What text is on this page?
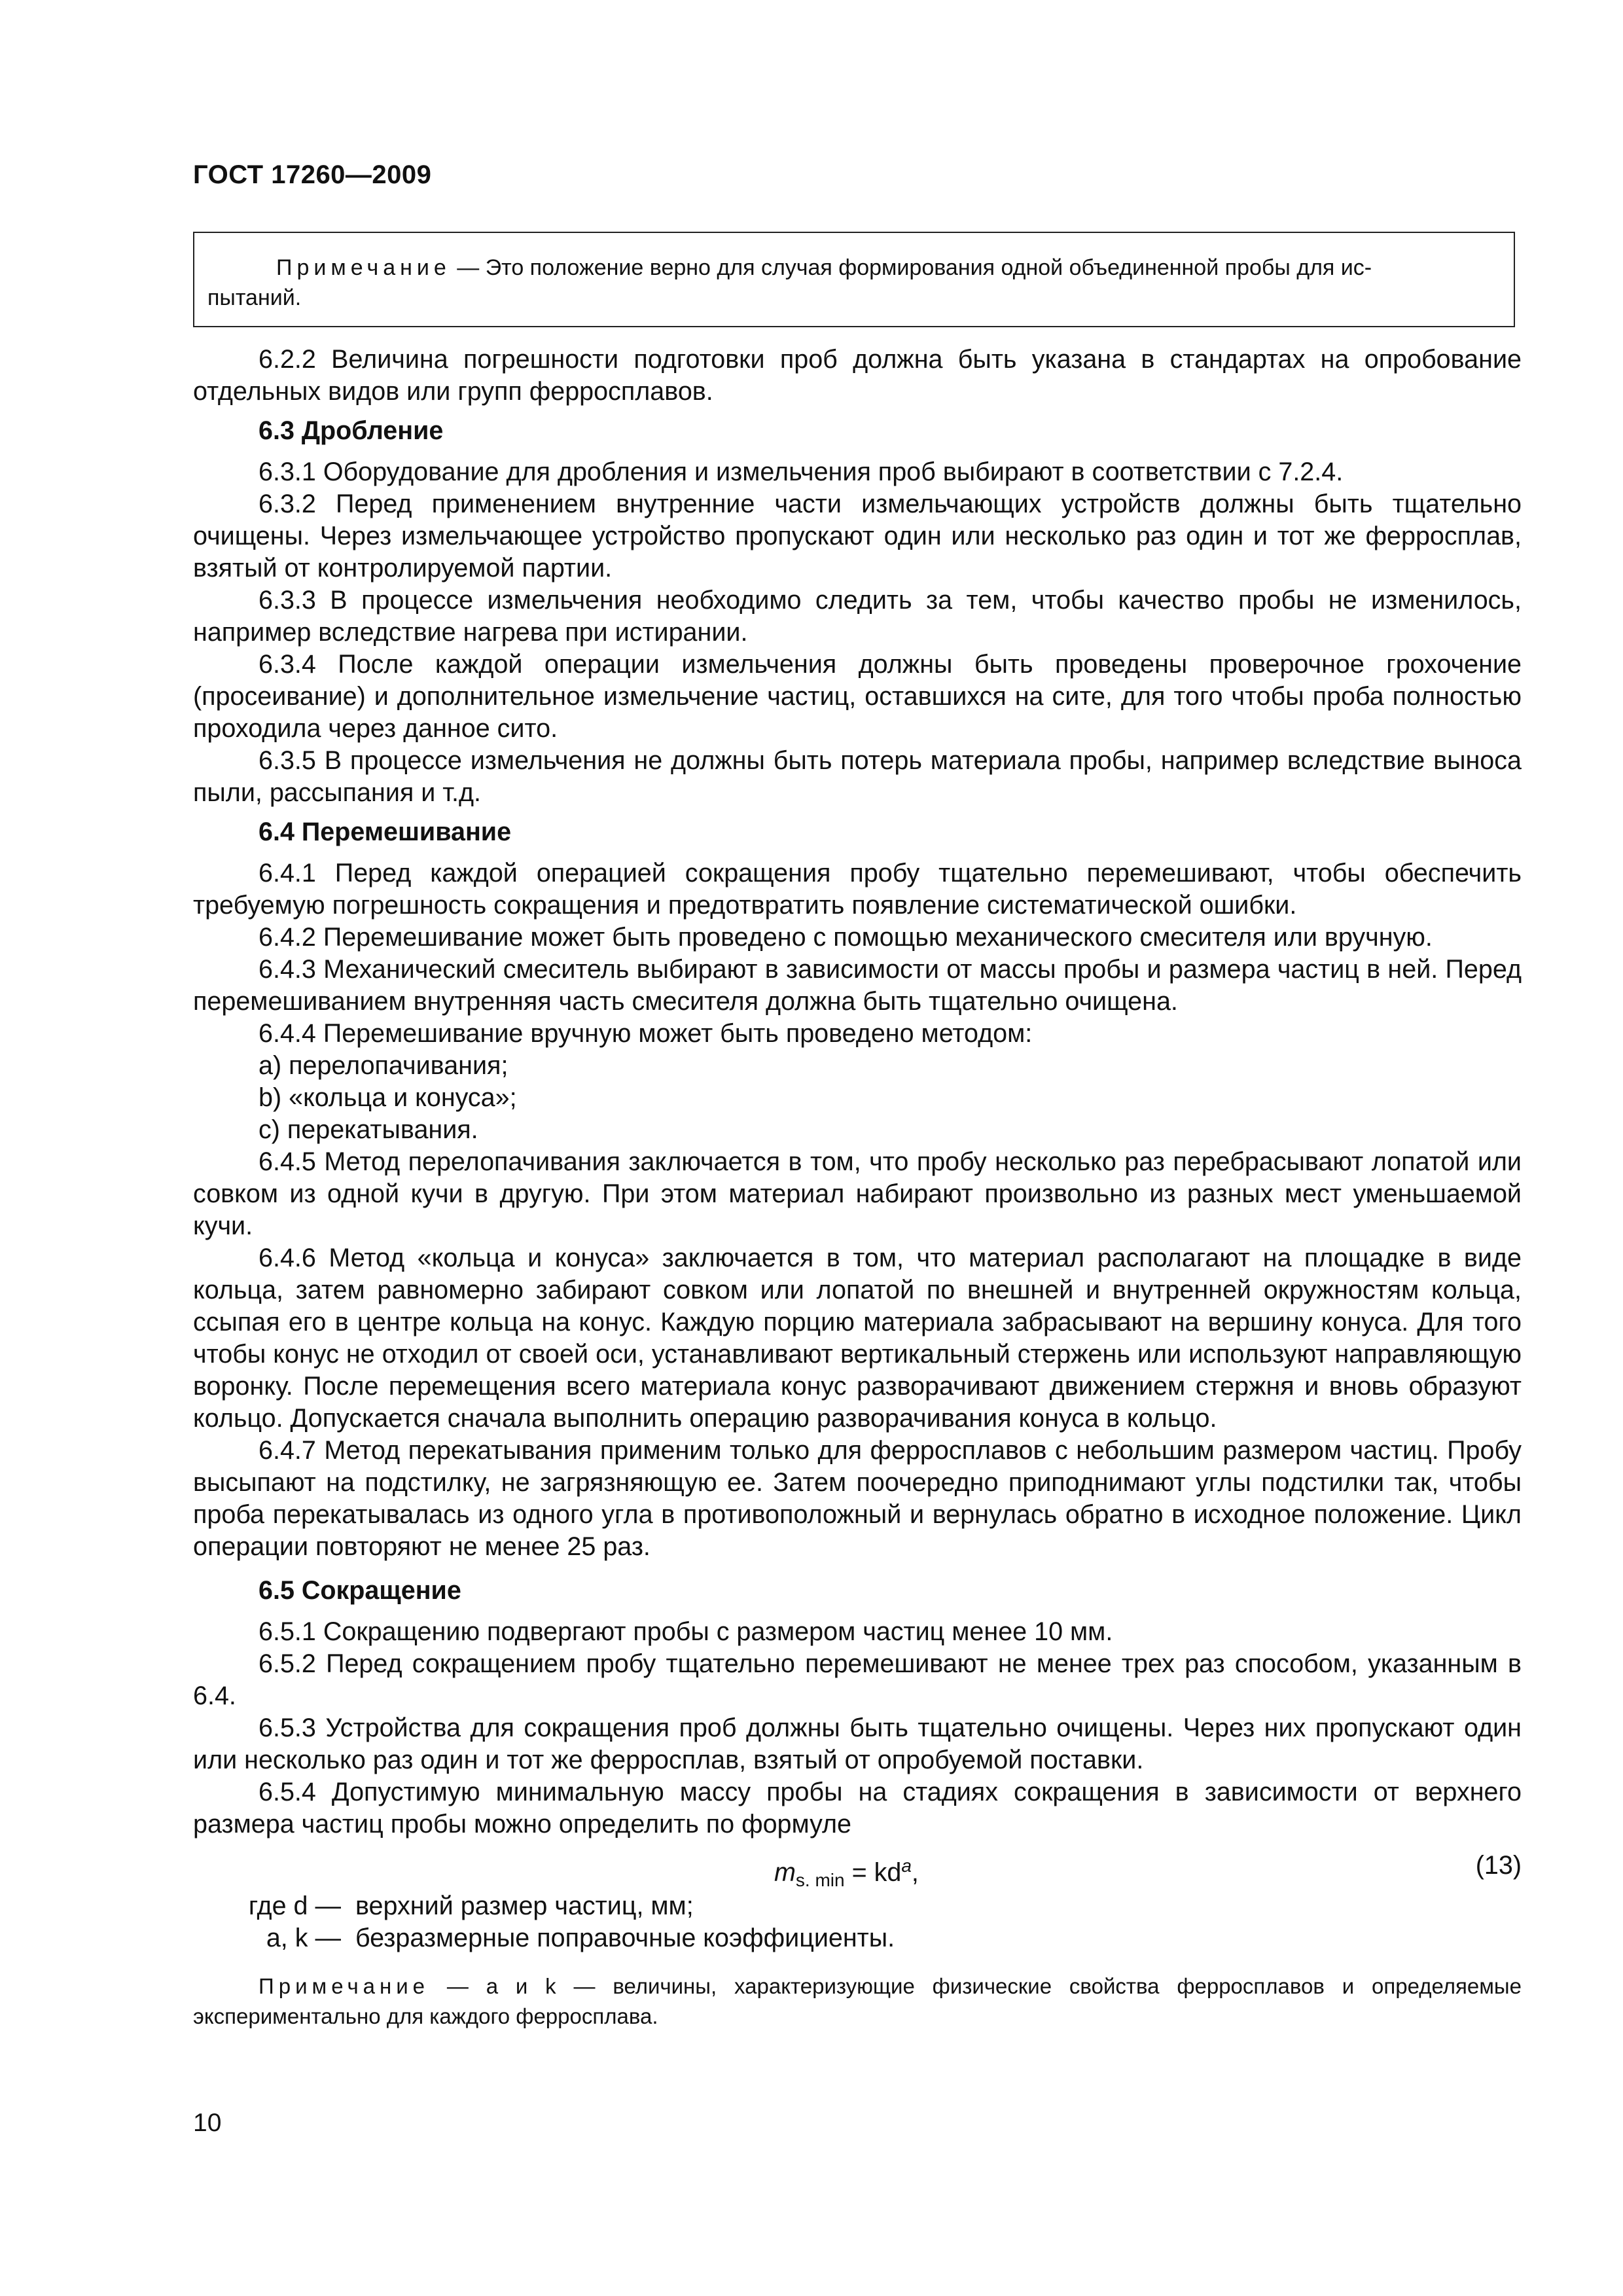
ГОСТ 17260—2009
Примечание — Это положение верно для случая формирования одной объединенной пробы для ис-
пытаний.

6.2.2 Величина погрешности подготовки проб должна быть указана в стандартах на опробование отдельных видов или групп ферросплавов.

6.3 Дробление

6.3.1 Оборудование для дробления и измельчения проб выбирают в соответствии с 7.2.4.

6.3.2 Перед применением внутренние части измельчающих устройств должны быть тщательно очищены. Через измельчающее устройство пропускают один или несколько раз один и тот же ферросплав, взятый от контролируемой партии.

6.3.3 В процессе измельчения необходимо следить за тем, чтобы качество пробы не изменилось, например вследствие нагрева при истирании.

6.3.4 После каждой операции измельчения должны быть проведены проверочное грохочение (просеивание) и дополнительное измельчение частиц, оставшихся на сите, для того чтобы проба полностью проходила через данное сито.

6.3.5 В процессе измельчения не должны быть потерь материала пробы, например вследствие выноса пыли, рассыпания и т.д.

6.4 Перемешивание

6.4.1 Перед каждой операцией сокращения пробу тщательно перемешивают, чтобы обеспечить требуемую погрешность сокращения и предотвратить появление систематической ошибки.

6.4.2 Перемешивание может быть проведено с помощью механического смесителя или вручную.

6.4.3 Механический смеситель выбирают в зависимости от массы пробы и размера частиц в ней. Перед перемешиванием внутренняя часть смесителя должна быть тщательно очищена.

6.4.4 Перемешивание вручную может быть проведено методом:

a) перелопачивания;
b) «кольца и конуса»;
c) перекатывания.

6.4.5 Метод перелопачивания заключается в том, что пробу несколько раз перебрасывают лопатой или совком из одной кучи в другую. При этом материал набирают произвольно из разных мест уменьшаемой кучи.

6.4.6 Метод «кольца и конуса» заключается в том, что материал располагают на площадке в виде кольца, затем равномерно забирают совком или лопатой по внешней и внутренней окружностям кольца, ссыпая его в центре кольца на конус. Каждую порцию материала забрасывают на вершину конуса. Для того чтобы конус не отходил от своей оси, устанавливают вертикальный стержень или используют направляющую воронку. После перемещения всего материала конус разворачивают движением стержня и вновь образуют кольцо. Допускается сначала выполнить операцию разворачивания конуса в кольцо.

6.4.7 Метод перекатывания применим только для ферросплавов с небольшим размером частиц. Пробу высыпают на подстилку, не загрязняющую ее. Затем поочередно приподнимают углы подстилки так, чтобы проба перекатывалась из одного угла в противоположный и вернулась обратно в исходное положение. Цикл операции повторяют не менее 25 раз.

6.5 Сокращение

6.5.1 Сокращению подвергают пробы с размером частиц менее 10 мм.

6.5.2 Перед сокращением пробу тщательно перемешивают не менее трех раз способом, указанным в 6.4.

6.5.3 Устройства для сокращения проб должны быть тщательно очищены. Через них пропускают один или несколько раз один и тот же ферросплав, взятый от опробуемой поставки.

6.5.4 Допустимую минимальную массу пробы на стадиях сокращения в зависимости от верхнего размера частиц пробы можно определить по формуле

$m_{s. min} = kd^a$,	(13)
где d — верхний размер частиц, мм;
a, k — безразмерные поправочные коэффициенты.

Примечание — a и k — величины, характеризующие физические свойства ферросплавов и определяемые экспериментально для каждого ферросплава.

10
